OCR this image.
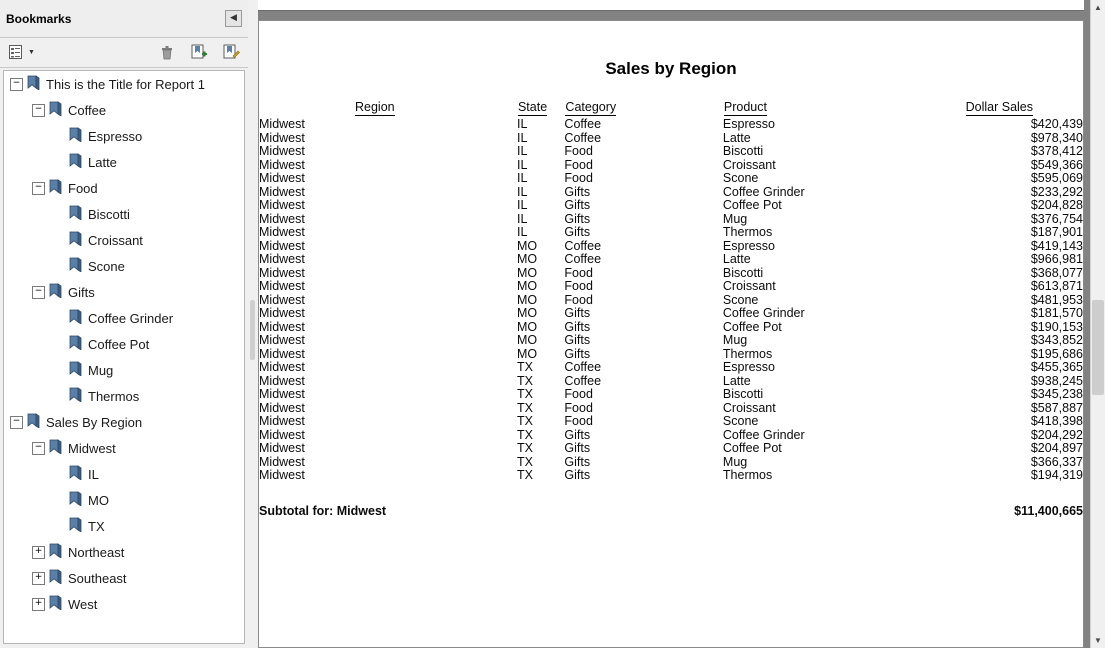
Bookmarks	◀
▼
− This is the Title for Report 1
− Coffee
Espresso
Latte
− Food
Biscotti
Croissant
Scone
− Gifts
Coffee Grinder
Coffee Pot
Mug
Thermos
− Sales By Region
− Midwest
IL
MO
TX
+ Northeast
+ Southeast
+ West
Sales by Region
Region	State	Category	Product	Dollar Sales
Midwest	IL	Coffee	Espresso	$420,439
Midwest	IL	Coffee	Latte	$978,340
Midwest	IL	Food	Biscotti	$378,412
Midwest	IL	Food	Croissant	$549,366
Midwest	IL	Food	Scone	$595,069
Midwest	IL	Gifts	Coffee Grinder	$233,292
Midwest	IL	Gifts	Coffee Pot	$204,828
Midwest	IL	Gifts	Mug	$376,754
Midwest	IL	Gifts	Thermos	$187,901
Midwest	MO	Coffee	Espresso	$419,143
Midwest	MO	Coffee	Latte	$966,981
Midwest	MO	Food	Biscotti	$368,077
Midwest	MO	Food	Croissant	$613,871
Midwest	MO	Food	Scone	$481,953
Midwest	MO	Gifts	Coffee Grinder	$181,570
Midwest	MO	Gifts	Coffee Pot	$190,153
Midwest	MO	Gifts	Mug	$343,852
Midwest	MO	Gifts	Thermos	$195,686
Midwest	TX	Coffee	Espresso	$455,365
Midwest	TX	Coffee	Latte	$938,245
Midwest	TX	Food	Biscotti	$345,238
Midwest	TX	Food	Croissant	$587,887
Midwest	TX	Food	Scone	$418,398
Midwest	TX	Gifts	Coffee Grinder	$204,292
Midwest	TX	Gifts	Coffee Pot	$204,897
Midwest	TX	Gifts	Mug	$366,337
Midwest	TX	Gifts	Thermos	$194,319
Subtotal for: Midwest				$11,400,665
▲
▼
